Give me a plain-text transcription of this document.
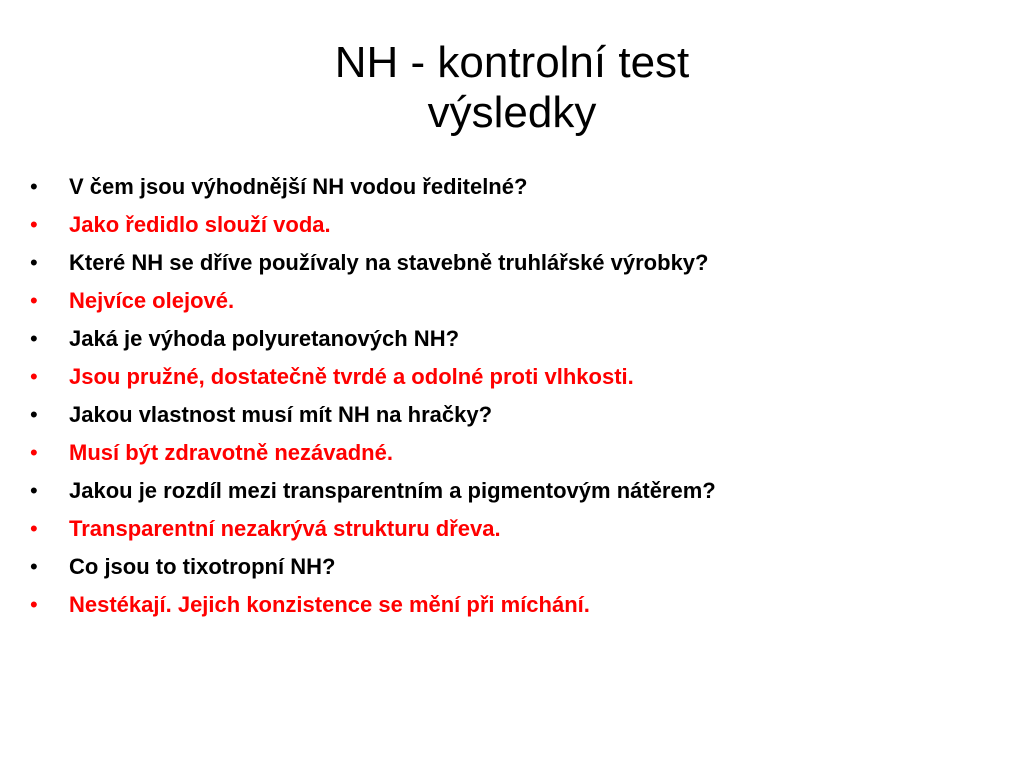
NH - kontrolní test
výsledky
• V čem jsou výhodnější NH vodou ředitelné?
• Jako ředidlo slouží voda.
• Které NH se dříve používaly na stavebně truhlářské výrobky?
• Nejvíce olejové.
• Jaká je výhoda polyuretanových NH?
• Jsou pružné, dostatečně tvrdé a odolné proti vlhkosti.
• Jakou vlastnost musí mít NH na hračky?
• Musí být zdravotně nezávadné.
• Jakou je rozdíl mezi transparentním a pigmentovým nátěrem?
• Transparentní nezakrývá strukturu dřeva.
• Co jsou to tixotropní NH?
• Nestékají. Jejich konzistence se mění při míchání.
